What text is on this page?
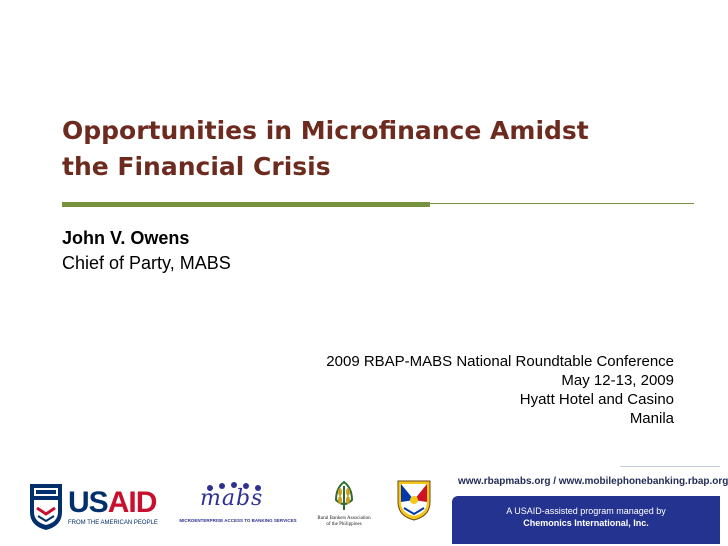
Opportunities in Microfinance Amidst
the Financial Crisis
John V. Owens
Chief of Party, MABS
2009 RBAP-MABS National Roundtable Conference
May 12-13, 2009
Hyatt Hotel and Casino
Manila
USAID
FROM THE AMERICAN PEOPLE
mabs
MICROENTERPRISE ACCESS TO BANKING SERVICES	Rural Bankers Association
of the Philippines
www.rbapmabs.org / www.mobilephonebanking.rbap.org
A USAID-assisted program managed by
Chemonics International, Inc.
